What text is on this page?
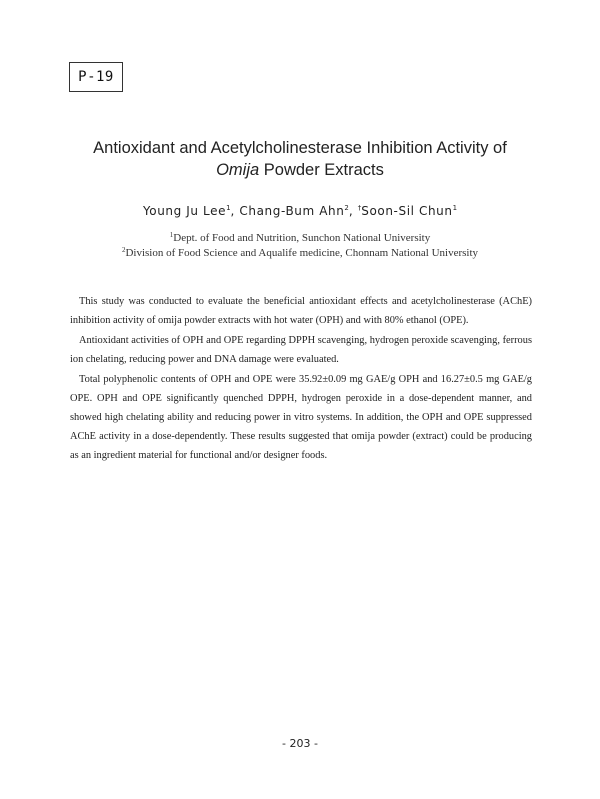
P-19
Antioxidant and Acetylcholinesterase Inhibition Activity of
Omija Powder Extracts
Young Ju Lee$^1$, Chang-Bum Ahn$^2$, †Soon-Sil Chun$^1$
$^1$Dept. of Food and Nutrition, Sunchon National University
$^2$Division of Food Science and Aqualife medicine, Chonnam National University

This study was conducted to evaluate the beneficial antioxidant effects and acetylcholinesterase (AChE) inhibition activity of omija powder extracts with hot water (OPH) and with 80% ethanol (OPE).

Antioxidant activities of OPH and OPE regarding DPPH scavenging, hydrogen peroxide scavenging, ferrous ion chelating, reducing power and DNA damage were evaluated.

Total polyphenolic contents of OPH and OPE were 35.92±0.09 mg GAE/g OPH and 16.27±0.5 mg GAE/g OPE. OPH and OPE significantly quenched DPPH, hydrogen peroxide in a dose-dependent manner, and showed high chelating ability and reducing power in vitro systems. In addition, the OPH and OPE suppressed AChE activity in a dose-dependently. These results suggested that omija powder (extract) could be producing as an ingredient material for functional and/or designer foods.

- 203 -
